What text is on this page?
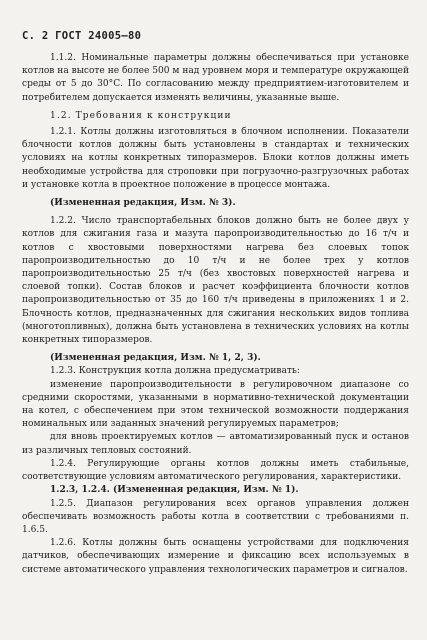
С. 2 ГОСТ 24005—80

1.1.2. Номинальные параметры должны обеспечиваться при установке котлов на высоте не более 500 м над уровнем моря и температуре окружающей среды от 5 до 30°С. По согласованию между предприятием-изготовителем и потребителем допускается изменять величины, указанные выше.

1.2. Требования к конструкции

1.2.1. Котлы должны изготовляться в блочном исполнении. Показатели блочности котлов должны быть установлены в стандартах и технических условиях на котлы конкретных типоразмеров. Блоки котлов должны иметь необходимые устройства для строповки при погрузочно-разгрузочных работах и установке котла в проектное положение в процессе монтажа.

(Измененная редакция, Изм. № 3).

1.2.2. Число транспортабельных блоков должно быть не более двух у котлов для сжигания газа и мазута паропроизводительностью до 16 т/ч и котлов с хвостовыми поверхностями нагрева без слоевых топок паропроизводительностью до 10 т/ч и не более трех у котлов паропроизводительностью 25 т/ч (без хвостовых поверхностей нагрева и слоевой топки). Состав блоков и расчет коэффициента блочности котлов паропроизводительностью от 35 до 160 т/ч приведены в приложениях 1 и 2. Блочность котлов, предназначенных для сжигания нескольких видов топлива (многотопливных), должна быть установлена в технических условиях на котлы конкретных типоразмеров.

(Измененная редакция, Изм. № 1, 2, 3).

1.2.3. Конструкция котла должна предусматривать:

изменение паропроизводительности в регулировочном диапазоне со средними скоростями, указанными в нормативно-технической документации на котел, с обеспечением при этом технической возможности поддержания номинальных или заданных значений регулируемых параметров;

для вновь проектируемых котлов — автоматизированный пуск и останов из различных тепловых состояний.

1.2.4. Регулирующие органы котлов должны иметь стабильные, соответствующие условиям автоматического регулирования, характеристики.

1.2.3, 1.2.4. (Измененная редакция, Изм. № 1).

1.2.5. Диапазон регулирования всех органов управления должен обеспечивать возможность работы котла в соответствии с требованиями п. 1.6.5.

1.2.6. Котлы должны быть оснащены устройствами для подключения датчиков, обеспечивающих измерение и фиксацию всех используемых в системе автоматического управления технологических параметров и сигналов.
